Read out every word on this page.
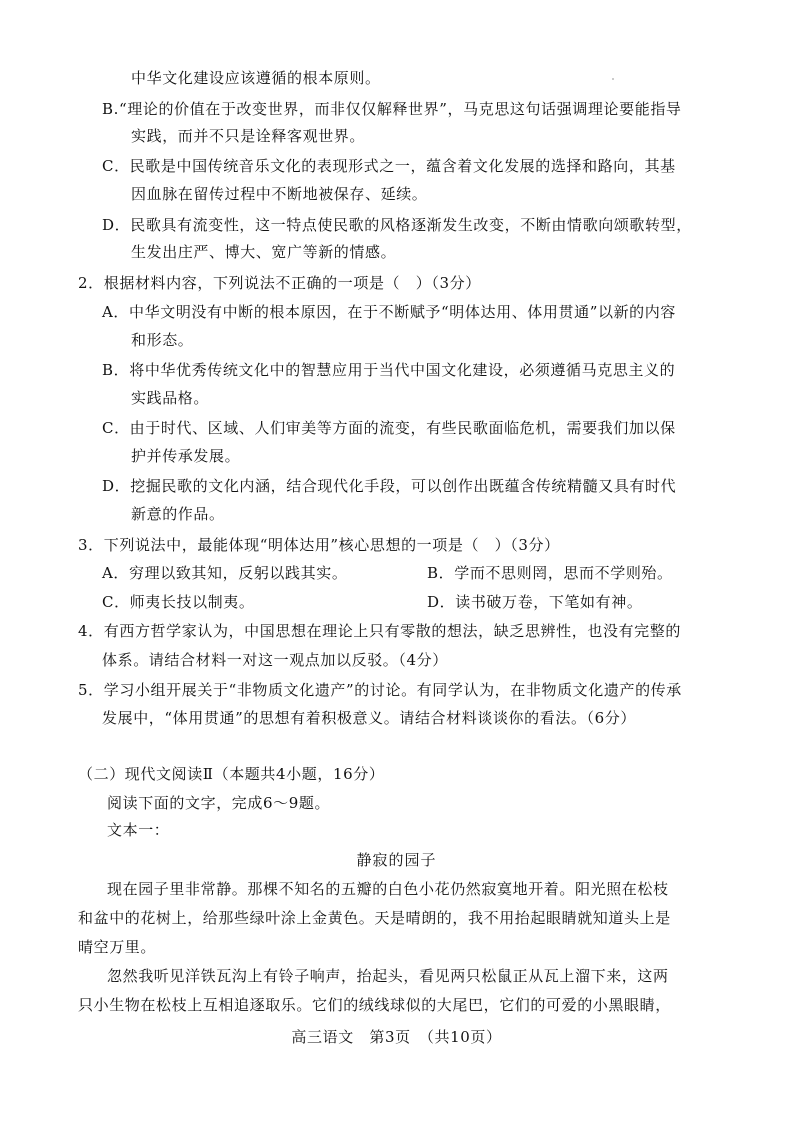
中华文化建设应该遵循的根本原则。
B.“理论的价值在于改变世界，而非仅仅解释世界”，马克思这句话强调理论要能指导
实践，而并不只是诠释客观世界。
C．民歌是中国传统音乐文化的表现形式之一，蕴含着文化发展的选择和路向，其基
因血脉在留传过程中不断地被保存、延续。
D．民歌具有流变性，这一特点使民歌的风格逐渐发生改变，不断由情歌向颂歌转型，
生发出庄严、博大、宽广等新的情感。
2．根据材料内容，下列说法不正确的一项是（　）（3分）
A．中华文明没有中断的根本原因，在于不断赋予“明体达用、体用贯通”以新的内容
和形态。
B．将中华优秀传统文化中的智慧应用于当代中国文化建设，必须遵循马克思主义的
实践品格。
C．由于时代、区域、人们审美等方面的流变，有些民歌面临危机，需要我们加以保
护并传承发展。
D．挖掘民歌的文化内涵，结合现代化手段，可以创作出既蕴含传统精髓又具有时代
新意的作品。
3．下列说法中，最能体现“明体达用”核心思想的一项是（　）（3分）
A．穷理以致其知，反躬以践其实。	B．学而不思则罔，思而不学则殆。
C．师夷长技以制夷。	D．读书破万卷，下笔如有神。
4．有西方哲学家认为，中国思想在理论上只有零散的想法，缺乏思辨性，也没有完整的
体系。请结合材料一对这一观点加以反驳。（4分）
5．学习小组开展关于“非物质文化遗产”的讨论。有同学认为，在非物质文化遗产的传承
发展中，“体用贯通”的思想有着积极意义。请结合材料谈谈你的看法。（6分）
（二）现代文阅读Ⅱ（本题共4小题，16分）
阅读下面的文字，完成6～9题。
文本一：
静寂的园子
现在园子里非常静。那棵不知名的五瓣的白色小花仍然寂寞地开着。阳光照在松枝
和盆中的花树上，给那些绿叶涂上金黄色。天是晴朗的，我不用抬起眼睛就知道头上是
晴空万里。
忽然我听见洋铁瓦沟上有铃子响声，抬起头，看见两只松鼠正从瓦上溜下来，这两
只小生物在松枝上互相追逐取乐。它们的绒线球似的大尾巴，它们的可爱的小黑眼睛，
高三语文　第3页　（共10页）
